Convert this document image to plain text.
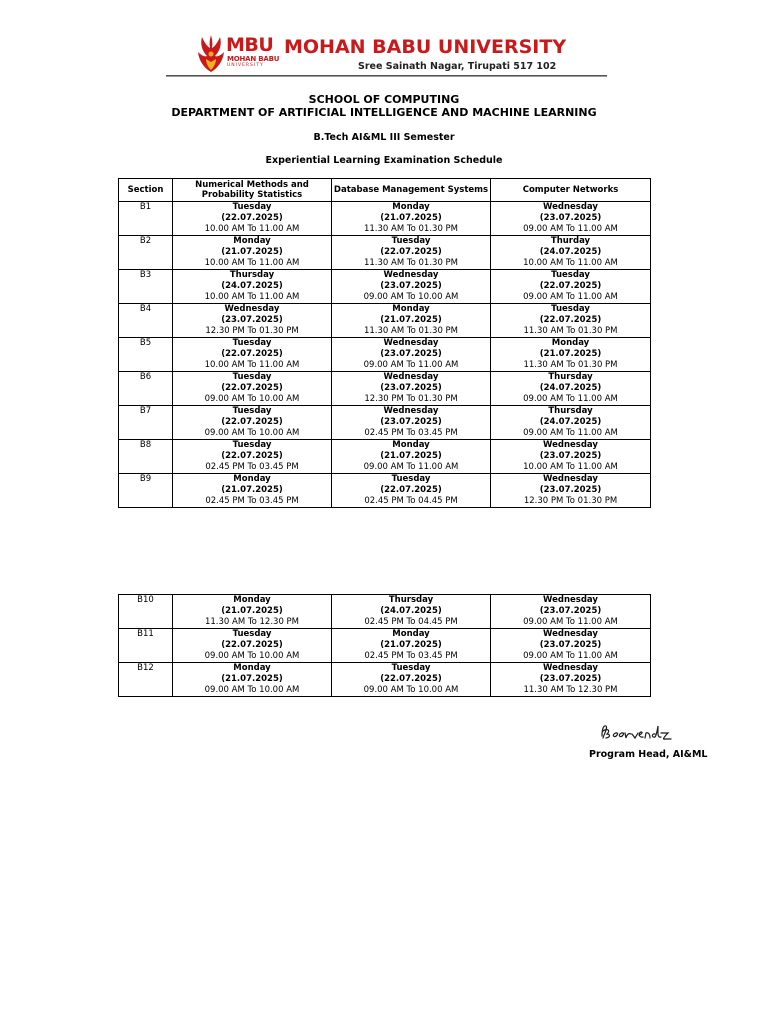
MBU
MOHAN BABU
UNIVERSITY
MOHAN BABU UNIVERSITY
Sree Sainath Nagar, Tirupati 517 102
SCHOOL OF COMPUTING
DEPARTMENT OF ARTIFICIAL INTELLIGENCE AND MACHINE LEARNING
B.Tech AI&ML III Semester
Experiential Learning Examination Schedule
Section	Numerical Methods and Probability Statistics	Database Management Systems	Computer Networks
B1	Tuesday
(22.07.2025)
10.00 AM To 11.00 AM	Monday
(21.07.2025)
11.30 AM To 01.30 PM	Wednesday
(23.07.2025)
09.00 AM To 11.00 AM

B2	Monday
(21.07.2025)
10.00 AM To 11.00 AM	Tuesday
(22.07.2025)
11.30 AM To 01.30 PM	Thurday
(24.07.2025)
10.00 AM To 11.00 AM

B3	Thursday
(24.07.2025)
10.00 AM To 11.00 AM	Wednesday
(23.07.2025)
09.00 AM To 10.00 AM	Tuesday
(22.07.2025)
09.00 AM To 11.00 AM

B4	Wednesday
(23.07.2025)
12.30 PM To 01.30 PM	Monday
(21.07.2025)
11.30 AM To 01.30 PM	Tuesday
(22.07.2025)
11.30 AM To 01.30 PM

B5	Tuesday
(22.07.2025)
10.00 AM To 11.00 AM	Wednesday
(23.07.2025)
09.00 AM To 11.00 AM	Monday
(21.07.2025)
11.30 AM To 01.30 PM

B6	Tuesday
(22.07.2025)
09.00 AM To 10.00 AM	Wednesday
(23.07.2025)
12.30 PM To 01.30 PM	Thursday
(24.07.2025)
09.00 AM To 11.00 AM

B7	Tuesday
(22.07.2025)
09.00 AM To 10.00 AM	Wednesday
(23.07.2025)
02.45 PM To 03.45 PM	Thursday
(24.07.2025)
09.00 AM To 11.00 AM

B8	Tuesday
(22.07.2025)
02.45 PM To 03.45 PM	Monday
(21.07.2025)
09.00 AM To 11.00 AM	Wednesday
(23.07.2025)
10.00 AM To 11.00 AM

B9	Monday
(21.07.2025)
02.45 PM To 03.45 PM	Tuesday
(22.07.2025)
02.45 PM To 04.45 PM	Wednesday
(23.07.2025)
12.30 PM To 01.30 PM
B10	Monday
(21.07.2025)
11.30 AM To 12.30 PM	Thursday
(24.07.2025)
02.45 PM To 04.45 PM	Wednesday
(23.07.2025)
09.00 AM To 11.00 AM

B11	Tuesday
(22.07.2025)
09.00 AM To 10.00 AM	Monday
(21.07.2025)
02.45 PM To 03.45 PM	Wednesday
(23.07.2025)
09.00 AM To 11.00 AM

B12	Monday
(21.07.2025)
09.00 AM To 10.00 AM	Tuesday
(22.07.2025)
09.00 AM To 10.00 AM	Wednesday
(23.07.2025)
11.30 AM To 12.30 PM
Program Head, AI&ML
